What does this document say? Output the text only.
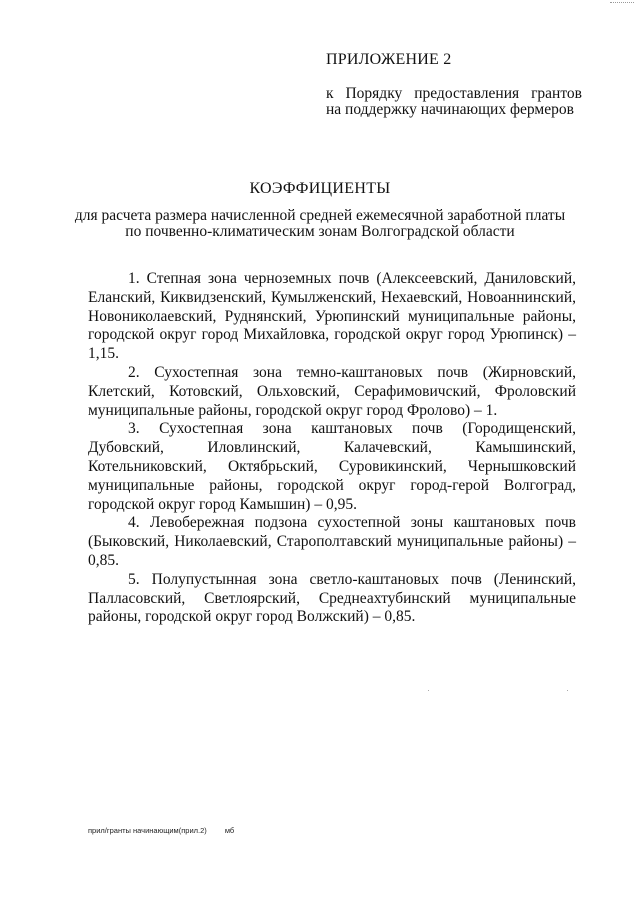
ПРИЛОЖЕНИЕ 2
к Порядку предоставления грантов
на поддержку начинающих фермеров
КОЭФФИЦИЕНТЫ
для расчета размера начисленной средней ежемесячной заработной платы
по почвенно-климатическим зонам Волгоградской области

1. Степная зона черноземных почв (Алексеевский, Даниловский, Еланский, Киквидзенский, Кумылженский, Нехаевский, Новоаннинский, Новониколаевский, Руднянский, Урюпинский муниципальные районы, городской округ город Михайловка, городской округ город Урюпинск) – 1,15.

2. Сухостепная зона темно-каштановых почв (Жирновский, Клетский, Котовский, Ольховский, Серафимовичский, Фроловский муниципальные районы, городской округ город Фролово) – 1.

3. Сухостепная зона каштановых почв (Городищенский, Дубовский, Иловлинский, Калачевский, Камышинский, Котельниковский, Октябрьский, Суровикинский, Чернышковский муниципальные районы, городской округ город-герой Волгоград, городской округ город Камышин) – 0,95.

4. Левобережная подзона сухостепной зоны каштановых почв (Быковский, Николаевский, Старополтавский муниципальные районы) – 0,85.

5. Полупустынная зона светло-каштановых почв (Ленинский, Палласовский, Светлоярский, Среднеахтубинский муниципальные районы, городской округ город Волжский) – 0,85.

прил/гранты начинающим(прил.2) мб
